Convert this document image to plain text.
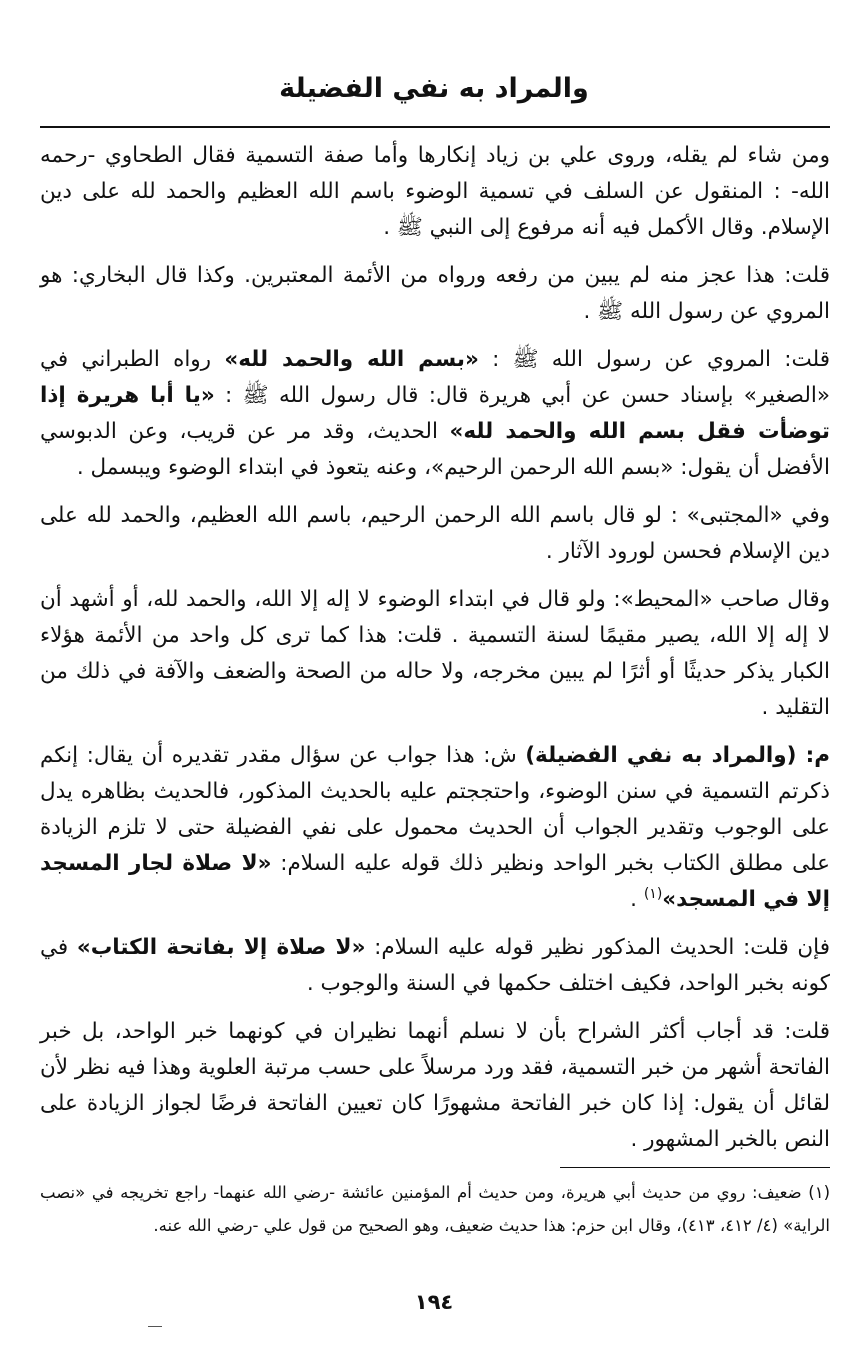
والمراد به نفي الفضيلة

ومن شاء لم يقله، وروى علي بن زياد إنكارها وأما صفة التسمية فقال الطحاوي -رحمه الله- : المنقول عن السلف في تسمية الوضوء باسم الله العظيم والحمد لله على دين الإسلام. وقال الأكمل فيه أنه مرفوع إلى النبي ﷺ .

قلت: هذا عجز منه لم يبين من رفعه ورواه من الأئمة المعتبرين. وكذا قال البخاري: هو المروي عن رسول الله ﷺ .

قلت: المروي عن رسول الله ﷺ : «بسم الله والحمد لله» رواه الطبراني في «الصغير» بإسناد حسن عن أبي هريرة قال: قال رسول الله ﷺ : «يا أبا هريرة إذا توضأت فقل بسم الله والحمد لله» الحديث، وقد مر عن قريب، وعن الدبوسي الأفضل أن يقول: «بسم الله الرحمن الرحيم»، وعنه يتعوذ في ابتداء الوضوء ويبسمل .

وفي «المجتبى» : لو قال باسم الله الرحمن الرحيم، باسم الله العظيم، والحمد لله على دين الإسلام فحسن لورود الآثار .

وقال صاحب «المحيط»: ولو قال في ابتداء الوضوء لا إله إلا الله، والحمد لله، أو أشهد أن لا إله إلا الله، يصير مقيمًا لسنة التسمية . قلت: هذا كما ترى كل واحد من الأئمة هؤلاء الكبار يذكر حديثًا أو أثرًا لم يبين مخرجه، ولا حاله من الصحة والضعف والآفة في ذلك من التقليد .

م: (والمراد به نفي الفضيلة) ش: هذا جواب عن سؤال مقدر تقديره أن يقال: إنكم ذكرتم التسمية في سنن الوضوء، واحتججتم عليه بالحديث المذكور، فالحديث بظاهره يدل على الوجوب وتقدير الجواب أن الحديث محمول على نفي الفضيلة حتى لا تلزم الزيادة على مطلق الكتاب بخبر الواحد ونظير ذلك قوله عليه السلام: «لا صلاة لجار المسجد إلا في المسجد»$^{(١)}$ .

فإن قلت: الحديث المذكور نظير قوله عليه السلام: «لا صلاة إلا بفاتحة الكتاب» في كونه بخبر الواحد، فكيف اختلف حكمها في السنة والوجوب .

قلت: قد أجاب أكثر الشراح بأن لا نسلم أنهما نظيران في كونهما خبر الواحد، بل خبر الفاتحة أشهر من خبر التسمية، فقد ورد مرسلاً على حسب مرتبة العلوية وهذا فيه نظر لأن لقائل أن يقول: إذا كان خبر الفاتحة مشهورًا كان تعيين الفاتحة فرضًا لجواز الزيادة على النص بالخبر المشهور .

(١) ضعيف: روي من حديث أبي هريرة، ومن حديث أم المؤمنين عائشة -رضي الله عنهما- راجع تخريجه في «نصب الراية» (٤/ ٤١٢، ٤١٣)، وقال ابن حزم: هذا حديث ضعيف، وهو الصحيح من قول علي -رضي الله عنه.
١٩٤
